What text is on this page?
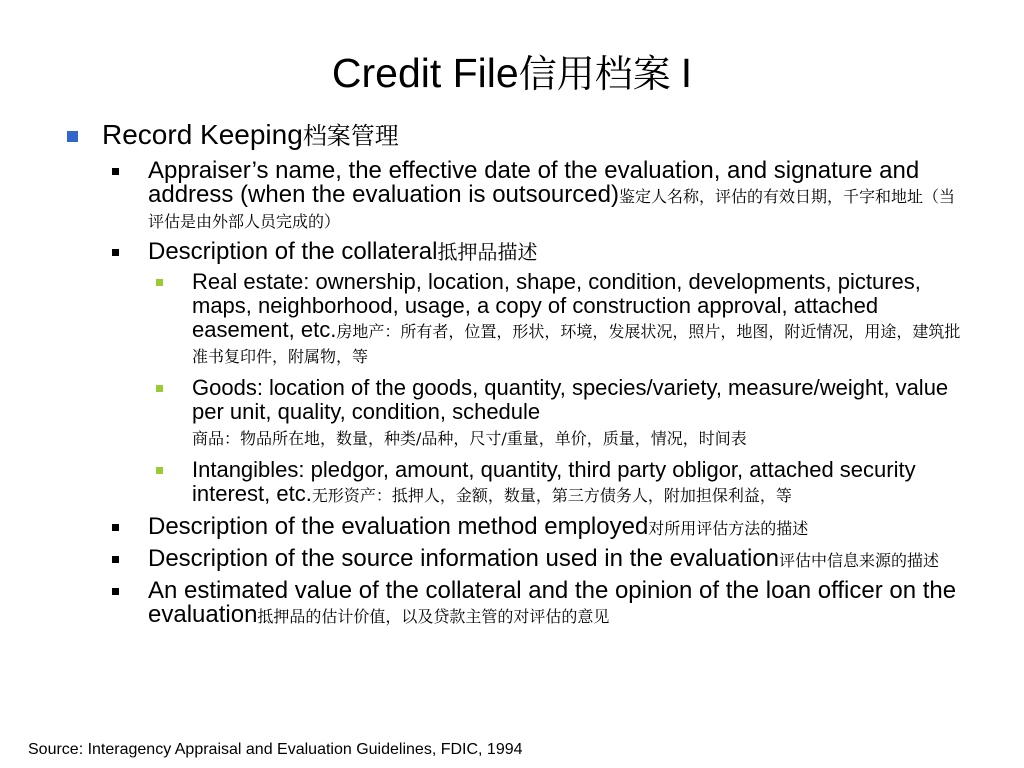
Credit File信用档案 I
Record Keeping档案管理
Appraiser’s name, the effective date of the evaluation, and signature and address (when the evaluation is outsourced)鉴定人名称，评估的有效日期，千字和地址（当评估是由外部人员完成的）
Description of the collateral抵押品描述
Real estate: ownership, location, shape, condition, developments, pictures, maps, neighborhood, usage, a copy of construction approval, attached easement, etc.房地产：所有者，位置，形状，环境，发展状况，照片，地图，附近情况，用途，建筑批准书复印件，附属物，等
Goods: location of the goods, quantity, species/variety, measure/weight, value per unit, quality, condition, schedule
商品：物品所在地，数量，种类/品种，尺寸/重量，单价，质量，情况，时间表
Intangibles: pledgor, amount, quantity, third party obligor, attached security interest, etc.无形资产：抵押人，金额，数量，第三方债务人，附加担保利益，等
Description of the evaluation method employed对所用评估方法的描述
Description of the source information used in the evaluation评估中信息来源的描述
An estimated value of the collateral and the opinion of the loan officer on the evaluation抵押品的估计价值，以及贷款主管的对评估的意见
Source: Interagency Appraisal and Evaluation Guidelines, FDIC, 1994
